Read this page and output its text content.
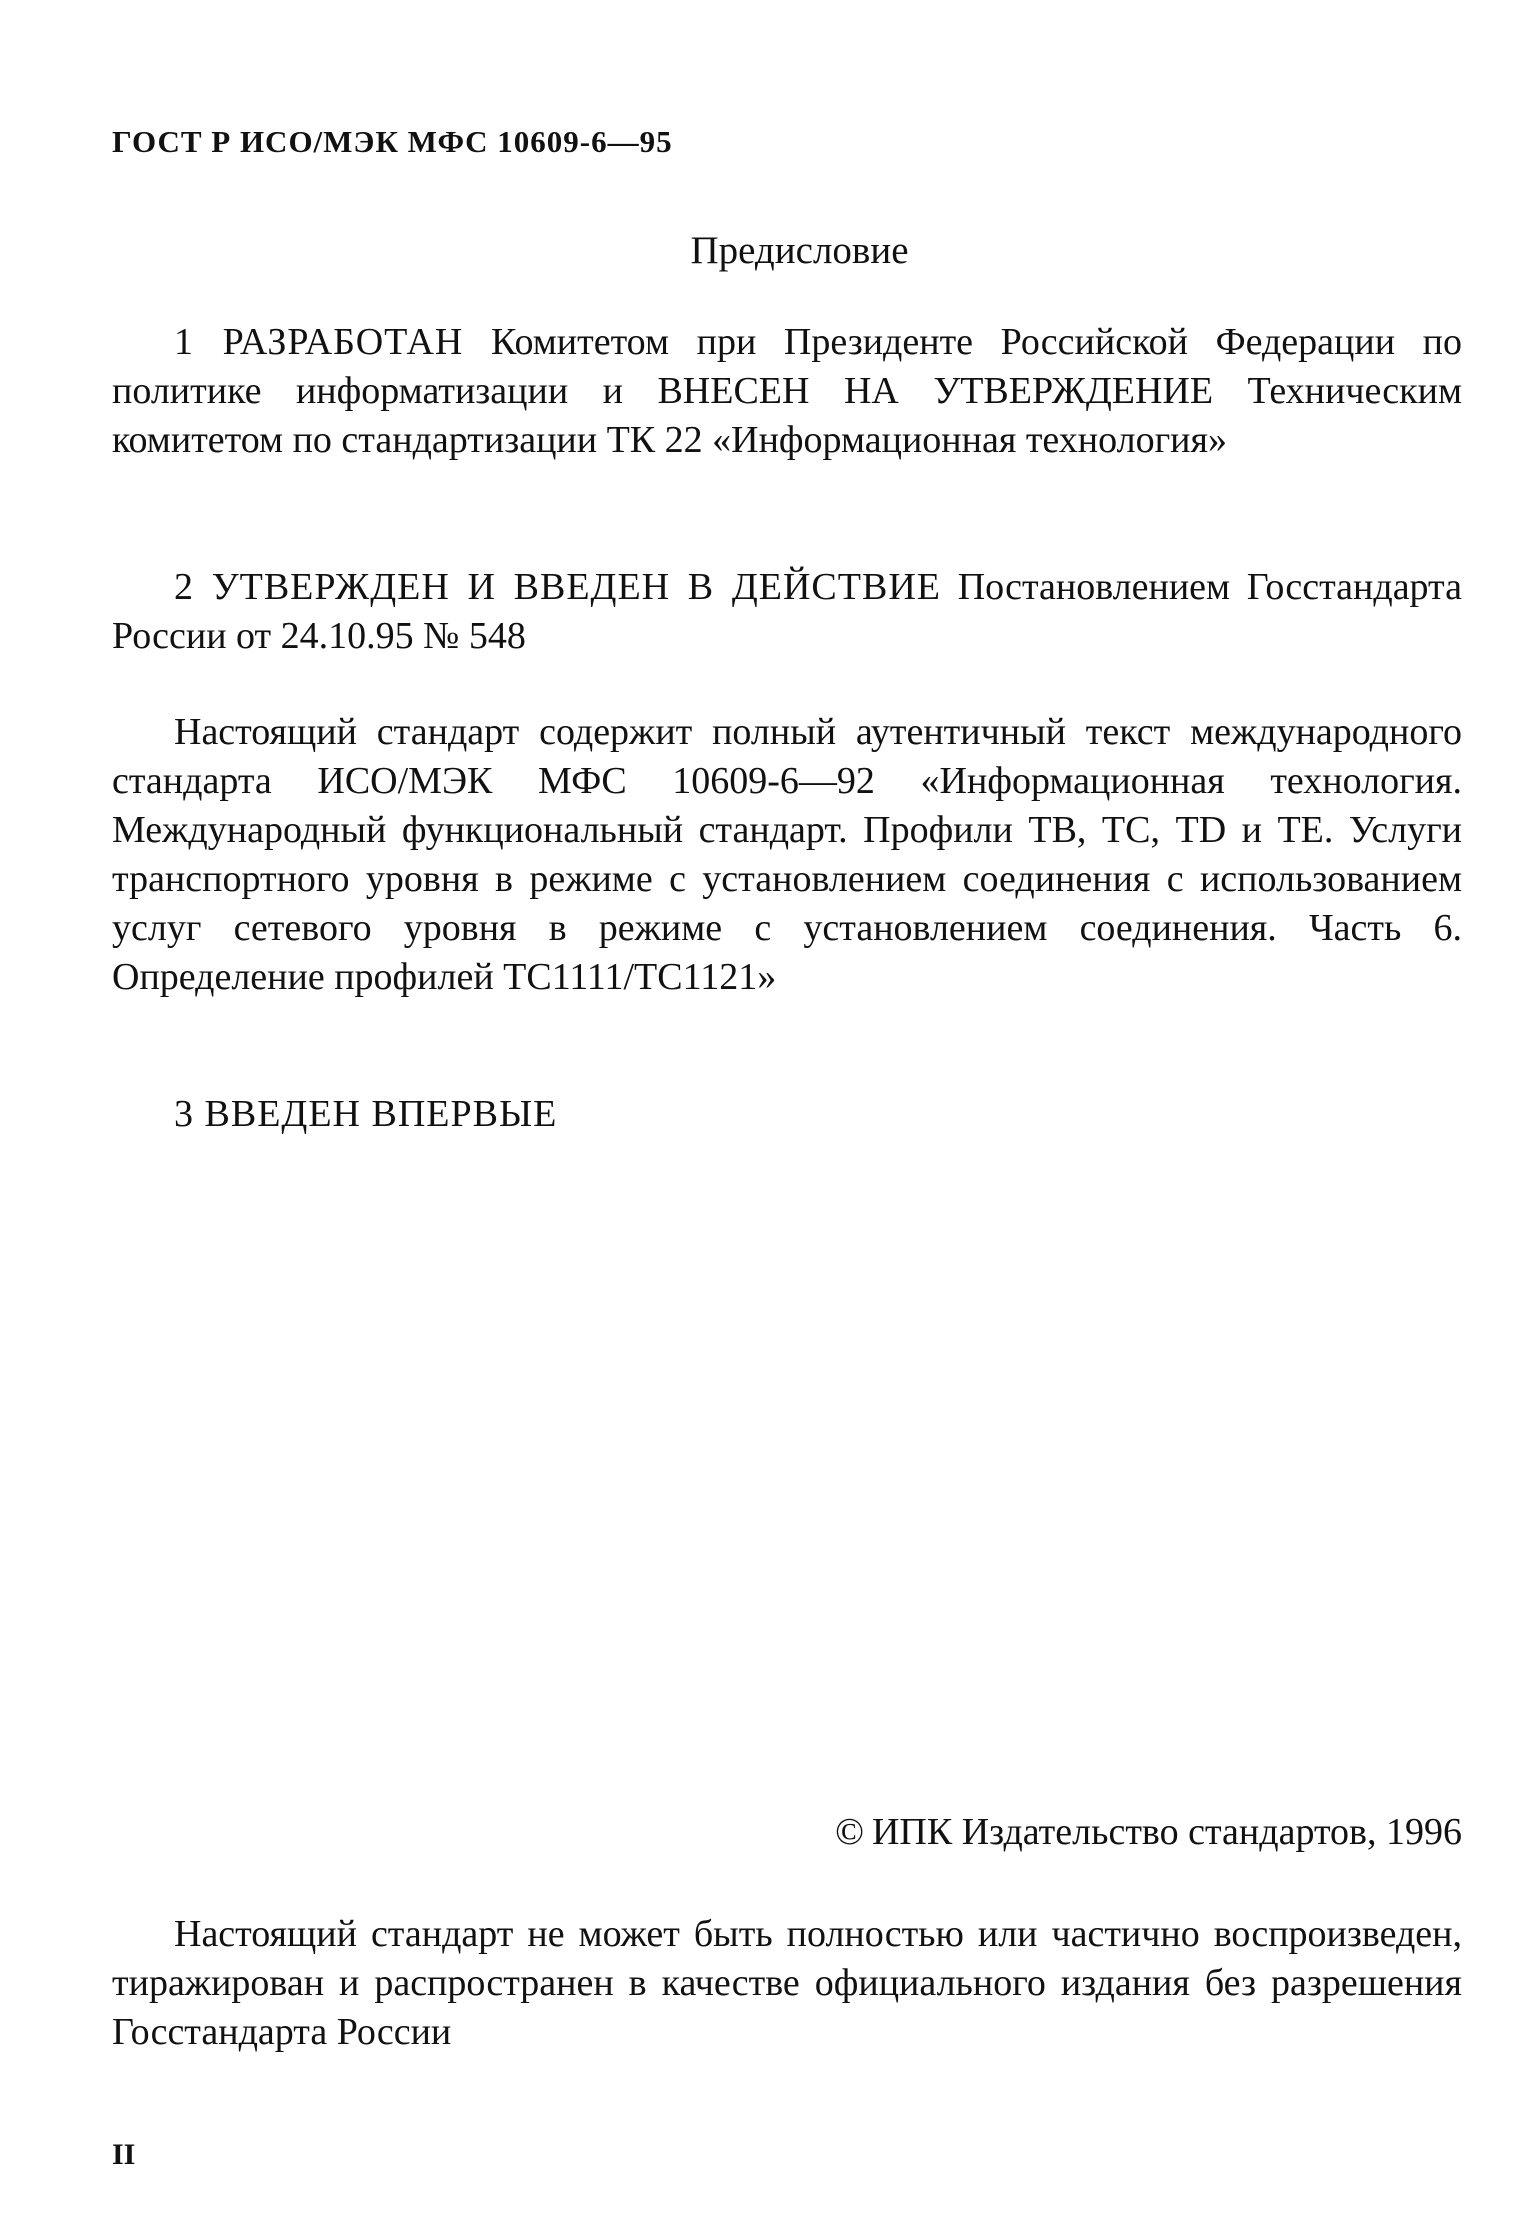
ГОСТ Р ИСО/МЭК МФС 10609-6—95
Предисловие

1 РАЗРАБОТАН Комитетом при Президенте Российской Федерации по политике информатизации и ВНЕСЕН НА УТВЕРЖДЕНИЕ Техническим комитетом по стандартизации ТК 22 «Информационная технология»

2 УТВЕРЖДЕН И ВВЕДЕН В ДЕЙСТВИЕ Постановлением Госстандарта России от 24.10.95 № 548

Настоящий стандарт содержит полный аутентичный текст международного стандарта ИСО/МЭК МФС 10609-6—92 «Информационная технология. Международный функциональный стандарт. Профили ТВ, ТС, TD и ТЕ. Услуги транспортного уровня в режиме с установлением соединения с использованием услуг сетевого уровня в режиме с установлением соединения. Часть 6. Определение профилей ТС1111/ТС1121»

3 ВВЕДЕН ВПЕРВЫЕ

© ИПК Издательство стандартов, 1996

Настоящий стандарт не может быть полностью или частично воспроизведен, тиражирован и распространен в качестве официального издания без разрешения Госстандарта России

II
